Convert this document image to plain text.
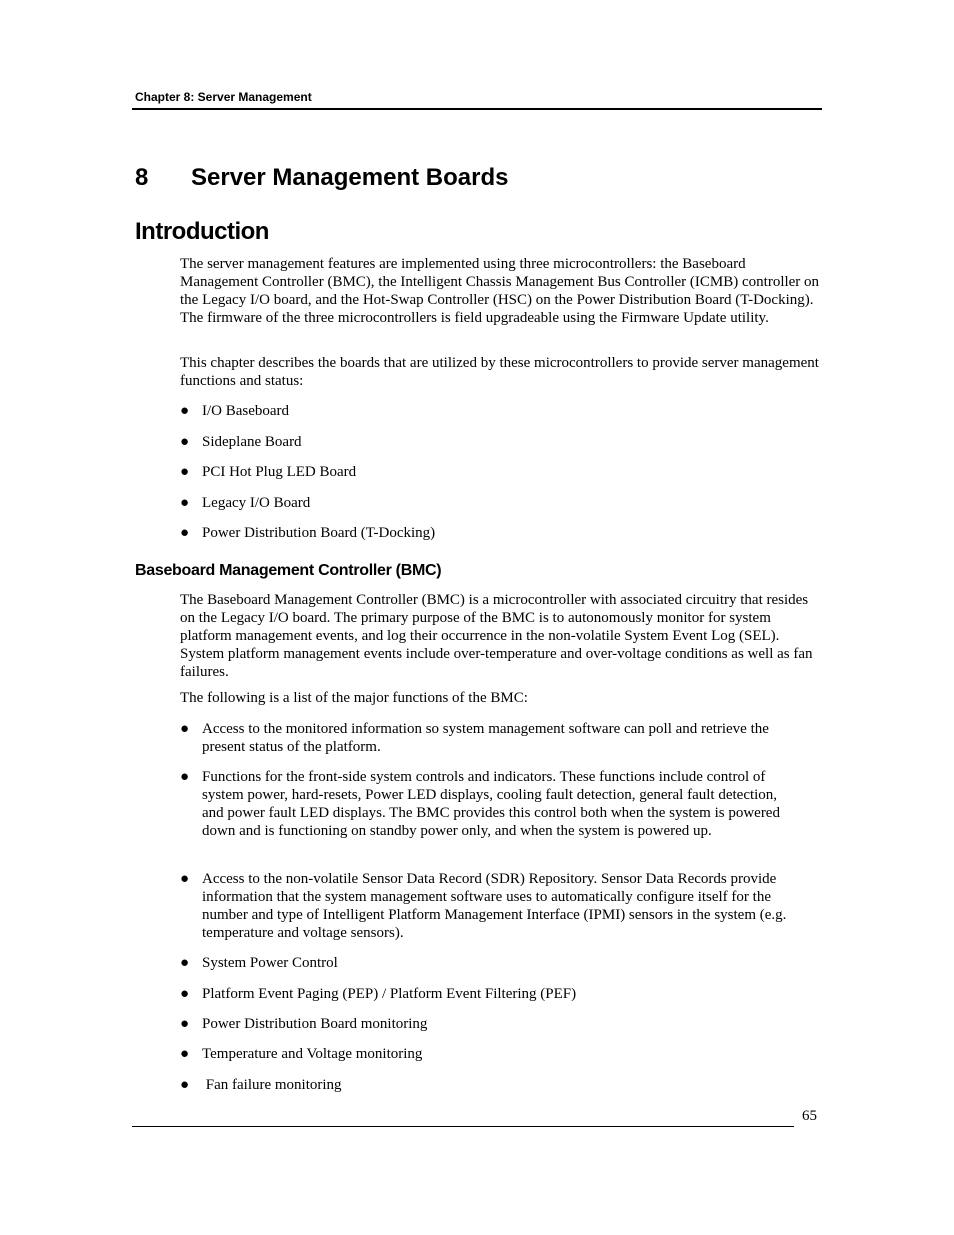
Chapter 8: Server Management
8 Server Management Boards
Introduction

The server management features are implemented using three microcontrollers: the Baseboard Management Controller (BMC), the Intelligent Chassis Management Bus Controller (ICMB) controller on the Legacy I/O board, and the Hot-Swap Controller (HSC) on the Power Distribution Board (T-Docking). The firmware of the three microcontrollers is field upgradeable using the Firmware Update utility.

This chapter describes the boards that are utilized by these microcontrollers to provide server management functions and status:

● I/O Baseboard
● Sideplane Board
● PCI Hot Plug LED Board
● Legacy I/O Board
● Power Distribution Board (T-Docking)
Baseboard Management Controller (BMC)

The Baseboard Management Controller (BMC) is a microcontroller with associated circuitry that resides on the Legacy I/O board. The primary purpose of the BMC is to autonomously monitor for system platform management events, and log their occurrence in the non-volatile System Event Log (SEL). System platform management events include over-temperature and over-voltage conditions as well as fan failures.

The following is a list of the major functions of the BMC:

● Access to the monitored information so system management software can poll and retrieve the present status of the platform.
● Functions for the front-side system controls and indicators. These functions include control of system power, hard-resets, Power LED displays, cooling fault detection, general fault detection, and power fault LED displays. The BMC provides this control both when the system is powered down and is functioning on standby power only, and when the system is powered up.
● Access to the non-volatile Sensor Data Record (SDR) Repository. Sensor Data Records provide information that the system management software uses to automatically configure itself for the number and type of Intelligent Platform Management Interface (IPMI) sensors in the system (e.g. temperature and voltage sensors).
● System Power Control
● Platform Event Paging (PEP) / Platform Event Filtering (PEF)
● Power Distribution Board monitoring
● Temperature and Voltage monitoring
● Fan failure monitoring
65
